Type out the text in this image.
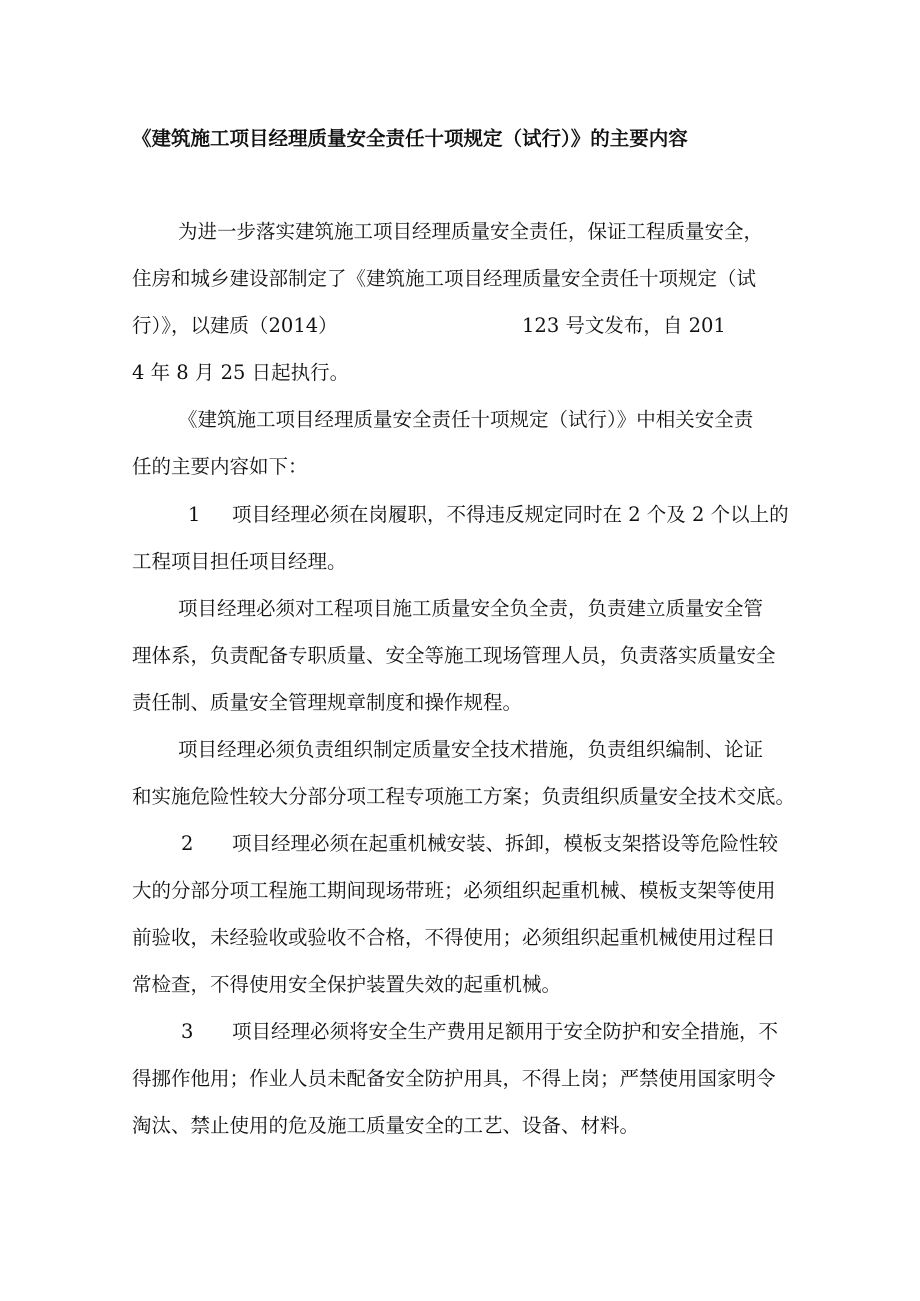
《建筑施工项目经理质量安全责任十项规定（试行）》的主要内容
为进一步落实建筑施工项目经理质量安全责任，保证工程质量安全，
住房和城乡建设部制定了《建筑施工项目经理质量安全责任十项规定（试
行）》，以建质（2014）	123 号文发布，自 201
4 年 8 月 25 日起执行。
《建筑施工项目经理质量安全责任十项规定（试行）》中相关安全责
任的主要内容如下：
1 项目经理必须在岗履职，不得违反规定同时在 2 个及 2 个以上的
工程项目担任项目经理。
项目经理必须对工程项目施工质量安全负全责，负责建立质量安全管
理体系，负责配备专职质量、安全等施工现场管理人员，负责落实质量安全
责任制、质量安全管理规章制度和操作规程。
项目经理必须负责组织制定质量安全技术措施，负责组织编制、论证
和实施危险性较大分部分项工程专项施工方案；负责组织质量安全技术交底。
2 项目经理必须在起重机械安装、拆卸，模板支架搭设等危险性较
大的分部分项工程施工期间现场带班；必须组织起重机械、模板支架等使用
前验收，未经验收或验收不合格，不得使用；必须组织起重机械使用过程日
常检查，不得使用安全保护装置失效的起重机械。
3 项目经理必须将安全生产费用足额用于安全防护和安全措施，不
得挪作他用；作业人员未配备安全防护用具，不得上岗；严禁使用国家明令
淘汰、禁止使用的危及施工质量安全的工艺、设备、材料。
